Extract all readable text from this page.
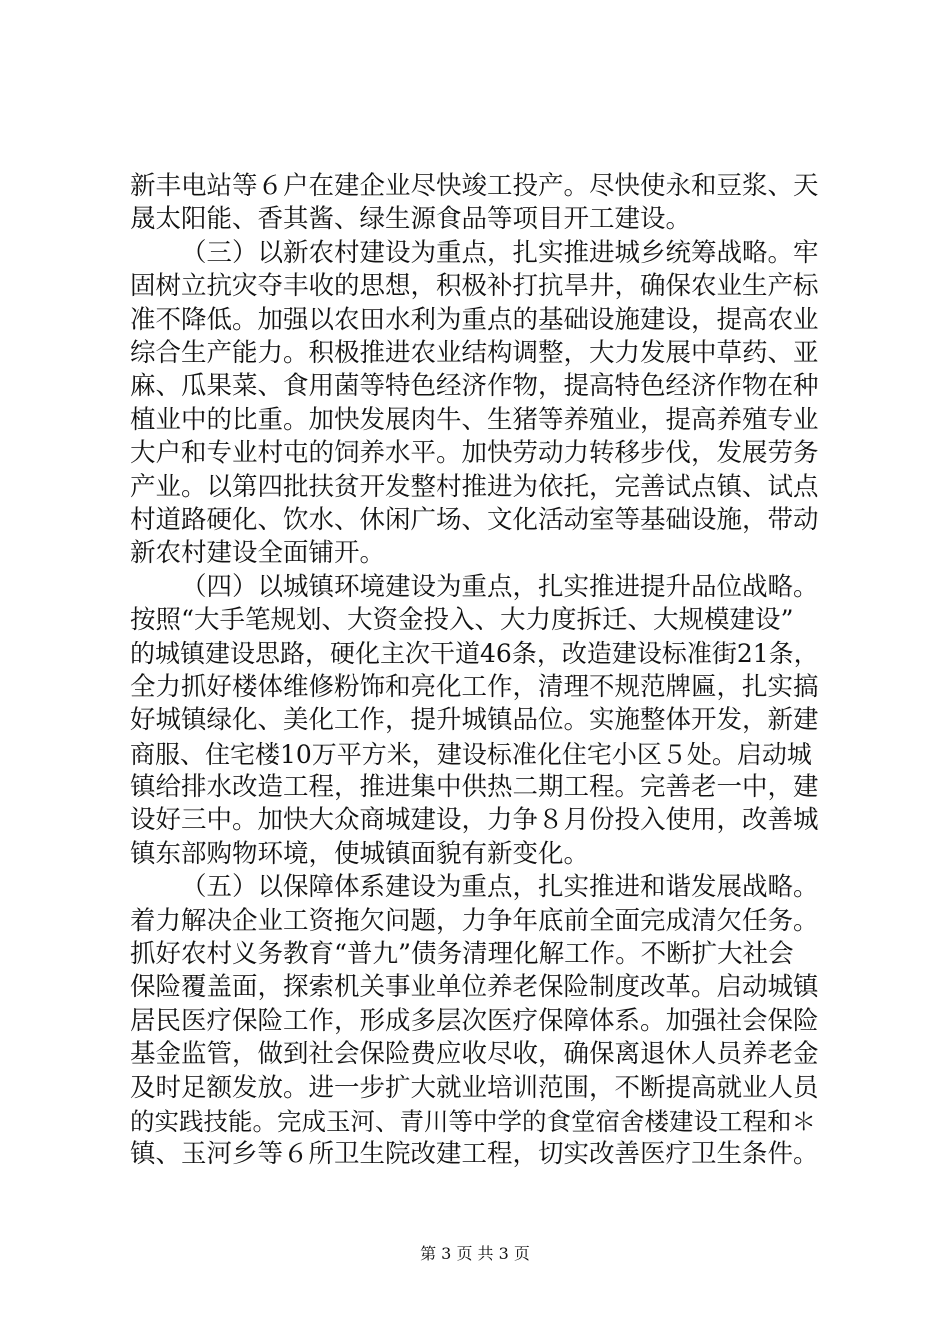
新丰电站等６户在建企业尽快竣工投产。尽快使永和豆浆、天
晟太阳能、香其酱、绿生源食品等项目开工建设。
（三）以新农村建设为重点，扎实推进城乡统筹战略。牢
固树立抗灾夺丰收的思想，积极补打抗旱井，确保农业生产标
准不降低。加强以农田水利为重点的基础设施建设，提高农业
综合生产能力。积极推进农业结构调整，大力发展中草药、亚
麻、瓜果菜、食用菌等特色经济作物，提高特色经济作物在种
植业中的比重。加快发展肉牛、生猪等养殖业，提高养殖专业
大户和专业村屯的饲养水平。加快劳动力转移步伐，发展劳务
产业。以第四批扶贫开发整村推进为依托，完善试点镇、试点
村道路硬化、饮水、休闲广场、文化活动室等基础设施，带动
新农村建设全面铺开。
（四）以城镇环境建设为重点，扎实推进提升品位战略。
按照“大手笔规划、大资金投入、大力度拆迁、大规模建设”
的城镇建设思路，硬化主次干道46条，改造建设标准街21条，
全力抓好楼体维修粉饰和亮化工作，清理不规范牌匾，扎实搞
好城镇绿化、美化工作，提升城镇品位。实施整体开发，新建
商服、住宅楼10万平方米，建设标准化住宅小区５处。启动城
镇给排水改造工程，推进集中供热二期工程。完善老一中，建
设好三中。加快大众商城建设，力争８月份投入使用，改善城
镇东部购物环境，使城镇面貌有新变化。
（五）以保障体系建设为重点，扎实推进和谐发展战略。
着力解决企业工资拖欠问题，力争年底前全面完成清欠任务。
抓好农村义务教育“普九”债务清理化解工作。不断扩大社会
保险覆盖面，探索机关事业单位养老保险制度改革。启动城镇
居民医疗保险工作，形成多层次医疗保障体系。加强社会保险
基金监管，做到社会保险费应收尽收，确保离退休人员养老金
及时足额发放。进一步扩大就业培训范围，不断提高就业人员
的实践技能。完成玉河、青川等中学的食堂宿舍楼建设工程和＊
镇、玉河乡等６所卫生院改建工程，切实改善医疗卫生条件。
第 3 页 共 3 页
